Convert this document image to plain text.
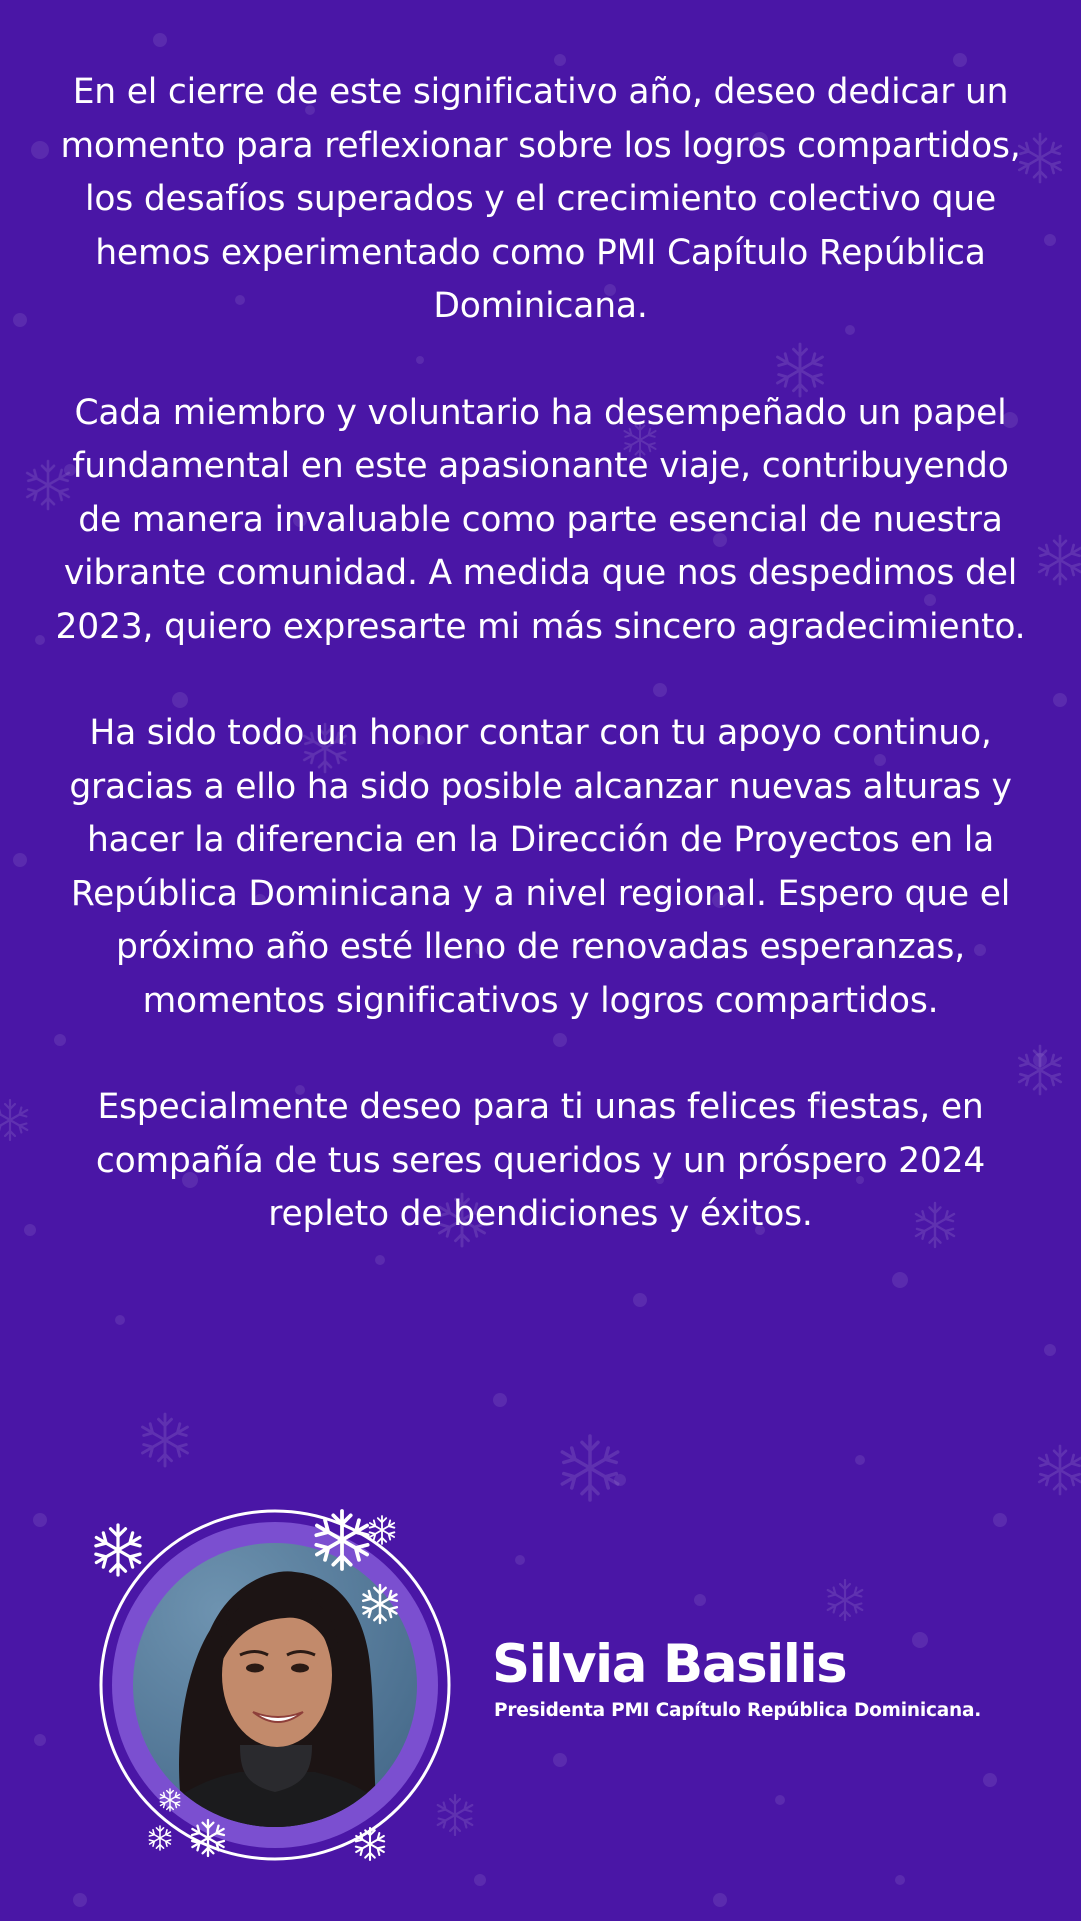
En el cierre de este significativo año, deseo dedicar un momento para reflexionar sobre los logros compartidos, los desafíos superados y el crecimiento colectivo que hemos experimentado como PMI Capítulo República Dominicana.

Cada miembro y voluntario ha desempeñado un papel fundamental en este apasionante viaje, contribuyendo de manera invaluable como parte esencial de nuestra vibrante comunidad. A medida que nos despedimos del 2023, quiero expresarte mi más sincero agradecimiento.

Ha sido todo un honor contar con tu apoyo continuo, gracias a ello ha sido posible alcanzar nuevas alturas y hacer la diferencia en la Dirección de Proyectos en la República Dominicana y a nivel regional. Espero que el próximo año esté lleno de renovadas esperanzas, momentos significativos y logros compartidos.

Especialmente deseo para ti unas felices fiestas, en compañía de tus seres queridos y un próspero 2024 repleto de bendiciones y éxitos.

Silvia Basilis
Presidenta PMI Capítulo República Dominicana.
